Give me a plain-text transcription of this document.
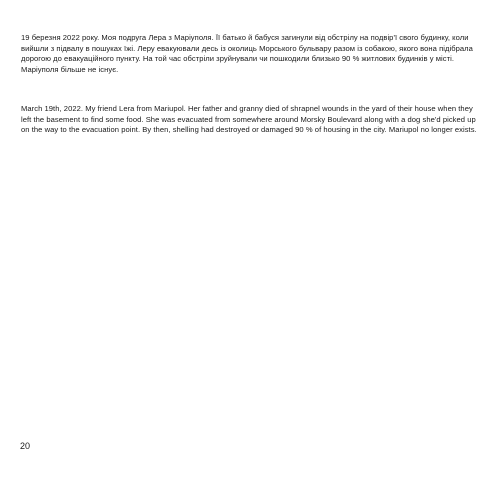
19 березня 2022 року. Моя подруга Лера з Маріуполя. Її батько й бабуся загинули від обстрілу на подвір'ї свого будинку, коли вийшли з підвалу в пошуках їжі. Леру евакуювали десь із околиць Морського бульвару разом із собакою, якого вона підібрала дорогою до евакуаційного пункту. На той час обстріли зруйнували чи пошкодили близько 90 % житлових будинків у місті. Маріуполя більше не існує.

March 19th, 2022. My friend Lera from Mariupol. Her father and granny died of shrapnel wounds in the yard of their house when they left the basement to find some food. She was evacuated from somewhere around Morsky Boulevard along with a dog she'd picked up on the way to the evacuation point. By then, shelling had destroyed or damaged 90 % of housing in the city. Mariupol no longer exists.

20
